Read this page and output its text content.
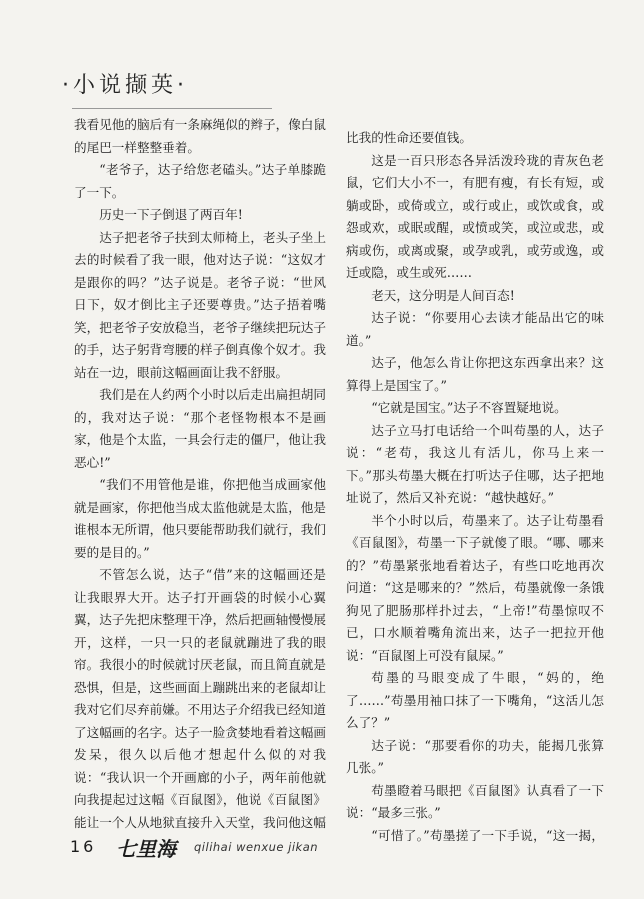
·小说撷英·

我看见他的脑后有一条麻绳似的辫子，像白鼠的尾巴一样整整垂着。

“老爷子，达子给您老磕头。”达子单膝跪了一下。

历史一下子倒退了两百年!

达子把老爷子扶到太师椅上，老头子坐上去的时候看了我一眼，他对达子说：“这奴才是跟你的吗？”达子说是。老爷子说：“世风日下，奴才倒比主子还要尊贵。”达子捂着嘴笑，把老爷子安放稳当，老爷子继续把玩达子的手，达子躬背弯腰的样子倒真像个奴才。我站在一边，眼前这幅画面让我不舒服。

我们是在人约两个小时以后走出扁担胡同的，我对达子说：“那个老怪物根本不是画家，他是个太监，一具会行走的僵尸，他让我恶心!”

“我们不用管他是谁，你把他当成画家他就是画家，你把他当成太监他就是太监，他是谁根本无所谓，他只要能帮助我们就行，我们要的是目的。”

不管怎么说，达子“借”来的这幅画还是让我眼界大开。达子打开画袋的时候小心翼翼，达子先把床整理干净，然后把画轴慢慢展开，这样，一只一只的老鼠就蹦进了我的眼帘。我很小的时候就讨厌老鼠，而且简直就是恐惧，但是，这些画面上蹦跳出来的老鼠却让我对它们尽弃前嫌。不用达子介绍我已经知道了这幅画的名字。达子一脸贪婪地看着这幅画发呆，很久以后他才想起什么似的对我说：“我认识一个开画廊的小子，两年前他就向我提起过这幅《百鼠图》，他说《百鼠图》能让一个人从地狱直接升入天堂，我问他这幅

比我的性命还要值钱。

这是一百只形态各异活泼玲珑的青灰色老鼠，它们大小不一，有肥有瘦，有长有短，或躺或卧，或倚或立，或行或止，或饮或食，或怨或欢，或眠或醒，或愤或笑，或泣或悲，或病或伤，或离或聚，或孕或乳，或劳或逸，或迁或隐，或生或死……

老天，这分明是人间百态!

达子说：“你要用心去读才能品出它的味道。”

达子，他怎么肯让你把这东西拿出来？这算得上是国宝了。”

“它就是国宝。”达子不容置疑地说。

达子立马打电话给一个叫苟墨的人，达子说：“老苟，我这儿有活儿，你马上来一下。”那头苟墨大概在打听达子住哪，达子把地址说了，然后又补充说：“越快越好。”

半个小时以后，苟墨来了。达子让苟墨看《百鼠图》，苟墨一下子就傻了眼。“哪、哪来的？”苟墨紧张地看着达子，有些口吃地再次问道：“这是哪来的？”然后，苟墨就像一条饿狗见了肥肠那样扑过去，“上帝!”苟墨惊叹不已，口水顺着嘴角流出来，达子一把拉开他说：“百鼠图上可没有鼠屎。”

苟墨的马眼变成了牛眼，“妈的，绝了……”苟墨用袖口抹了一下嘴角，“这活儿怎么了？”

达子说：“那要看你的功夫，能揭几张算几张。”

苟墨瞪着马眼把《百鼠图》认真看了一下说：“最多三张。”

“可惜了。”苟墨搓了一下手说，“这一揭，

16 七里海 qilihai wenxue jikan
